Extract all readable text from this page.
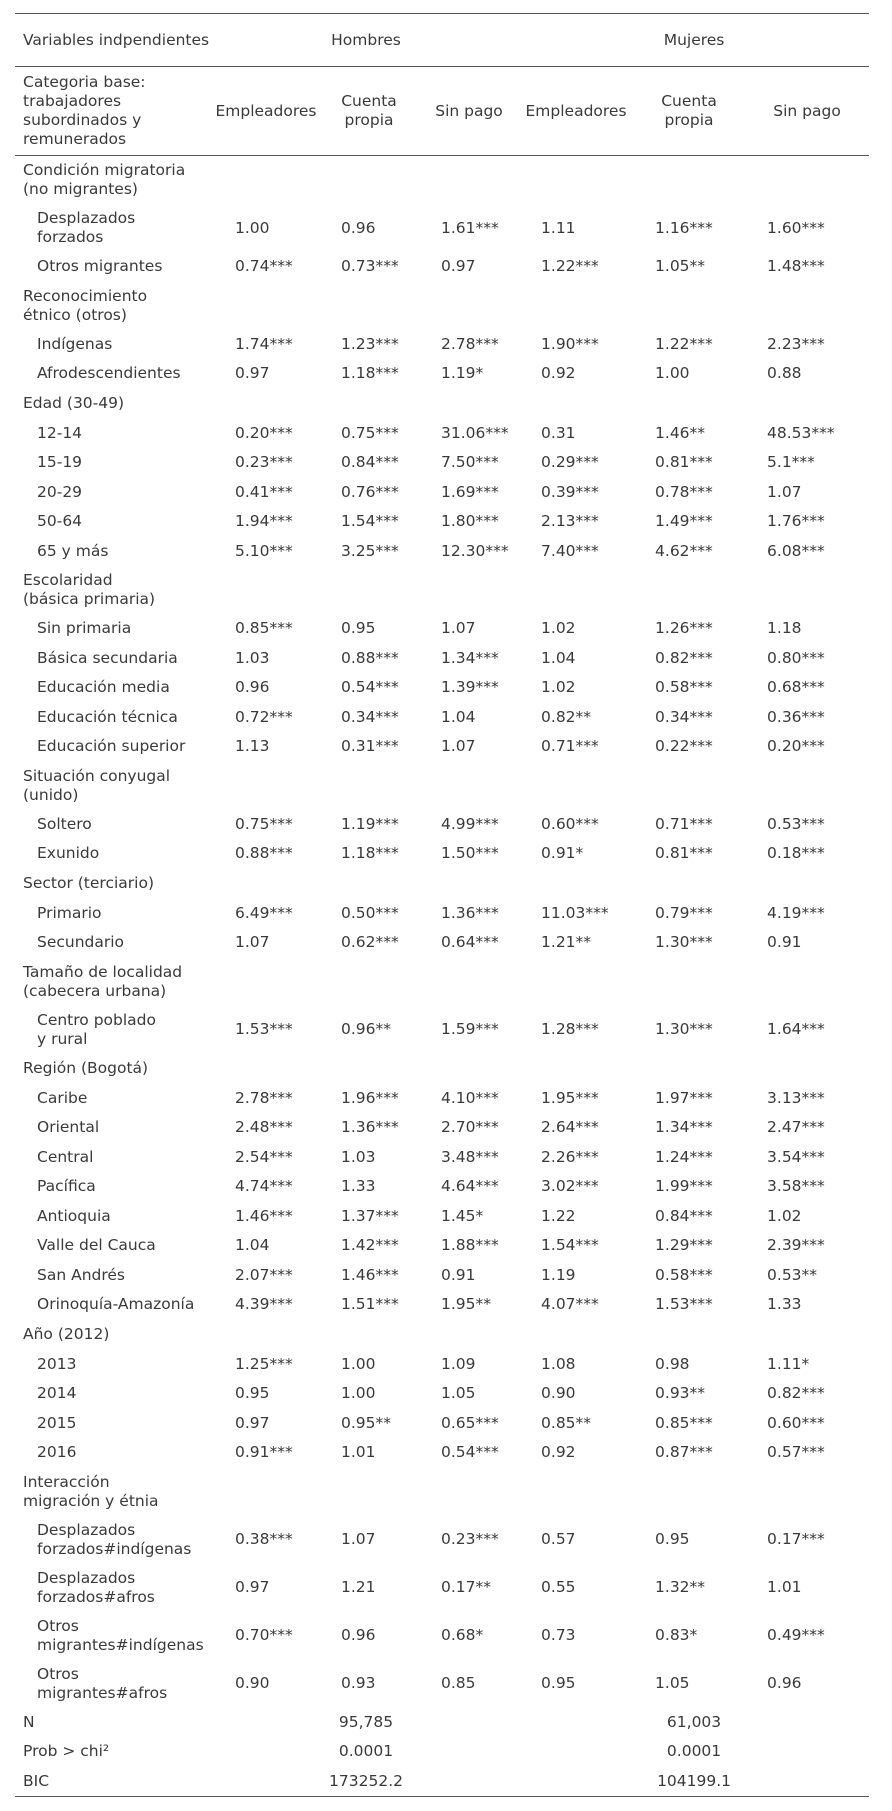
Variables indpendientes	Hombres			Mujeres		

Categoria base: trabajadores subordinados y remunerados	Empleadores	Cuenta propia	Sin pago	Empleadores	Cuenta propia	Sin pago

Condición migratoria (no migrantes)						

Desplazados forzados	1.00	0.96	1.61***	1.11	1.16***	1.60***

Otros migrantes	0.74***	0.73***	0.97	1.22***	1.05**	1.48***

Reconocimiento étnico (otros)						

Indígenas	1.74***	1.23***	2.78***	1.90***	1.22***	2.23***

Afrodescendientes	0.97	1.18***	1.19*	0.92	1.00	0.88

Edad (30-49)						

12-14	0.20***	0.75***	31.06***	0.31	1.46**	48.53***

15-19	0.23***	0.84***	7.50***	0.29***	0.81***	5.1***

20-29	0.41***	0.76***	1.69***	0.39***	0.78***	1.07

50-64	1.94***	1.54***	1.80***	2.13***	1.49***	1.76***

65 y más	5.10***	3.25***	12.30***	7.40***	4.62***	6.08***

Escolaridad (básica primaria)						

Sin primaria	0.85***	0.95	1.07	1.02	1.26***	1.18

Básica secundaria	1.03	0.88***	1.34***	1.04	0.82***	0.80***

Educación media	0.96	0.54***	1.39***	1.02	0.58***	0.68***

Educación técnica	0.72***	0.34***	1.04	0.82**	0.34***	0.36***

Educación superior	1.13	0.31***	1.07	0.71***	0.22***	0.20***

Situación conyugal (unido)						

Soltero	0.75***	1.19***	4.99***	0.60***	0.71***	0.53***

Exunido	0.88***	1.18***	1.50***	0.91*	0.81***	0.18***

Sector (terciario)						

Primario	6.49***	0.50***	1.36***	11.03***	0.79***	4.19***

Secundario	1.07	0.62***	0.64***	1.21**	1.30***	0.91

Tamaño de localidad (cabecera urbana)						

Centro poblado y rural	1.53***	0.96**	1.59***	1.28***	1.30***	1.64***

Región (Bogotá)						

Caribe	2.78***	1.96***	4.10***	1.95***	1.97***	3.13***

Oriental	2.48***	1.36***	2.70***	2.64***	1.34***	2.47***

Central	2.54***	1.03	3.48***	2.26***	1.24***	3.54***

Pacífica	4.74***	1.33	4.64***	3.02***	1.99***	3.58***

Antioquia	1.46***	1.37***	1.45*	1.22	0.84***	1.02

Valle del Cauca	1.04	1.42***	1.88***	1.54***	1.29***	2.39***

San Andrés	2.07***	1.46***	0.91	1.19	0.58***	0.53**

Orinoquía-Amazonía	4.39***	1.51***	1.95**	4.07***	1.53***	1.33

Año (2012)						

2013	1.25***	1.00	1.09	1.08	0.98	1.11*

2014	0.95	1.00	1.05	0.90	0.93**	0.82***

2015	0.97	0.95**	0.65***	0.85**	0.85***	0.60***

2016	0.91***	1.01	0.54***	0.92	0.87***	0.57***

Interacción migración y étnia						

Desplazados forzados#indígenas	0.38***	1.07	0.23***	0.57	0.95	0.17***

Desplazados forzados#afros	0.97	1.21	0.17**	0.55	1.32**	1.01

Otros migrantes#indígenas	0.70***	0.96	0.68*	0.73	0.83*	0.49***

Otros migrantes#afros	0.90	0.93	0.85	0.95	1.05	0.96
N	95,785			61,003		
Prob > chi²	0.0001			0.0001		
BIC	173252.2			104199.1		
